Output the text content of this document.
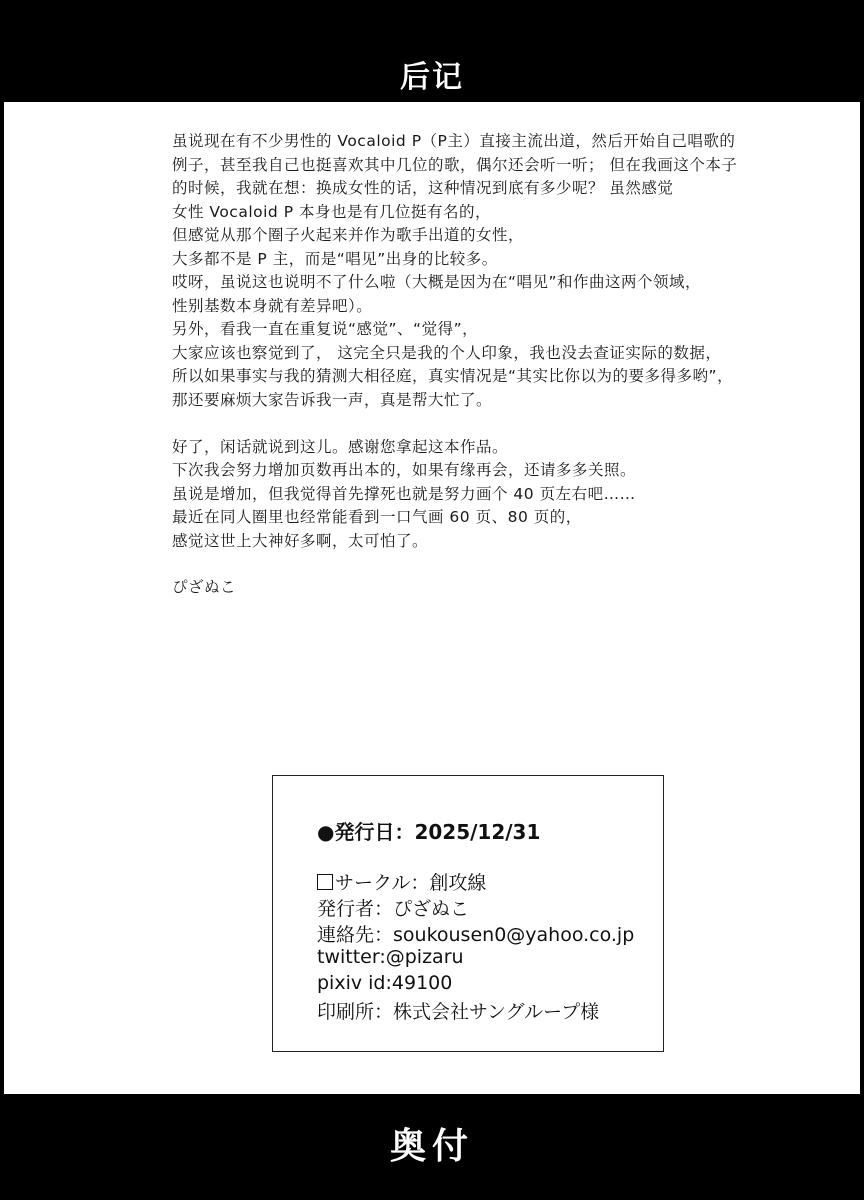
后记

虽说现在有不少男性的 Vocaloid P（P主）直接主流出道，然后开始自己唱歌的

例子，甚至我自己也挺喜欢其中几位的歌，偶尔还会听一听； 但在我画这个本子

的时候，我就在想：换成女性的话，这种情况到底有多少呢？ 虽然感觉

女性 Vocaloid P 本身也是有几位挺有名的，

但感觉从那个圈子火起来并作为歌手出道的女性，

大多都不是 P 主，而是“唱见”出身的比较多。

哎呀，虽说这也说明不了什么啦（大概是因为在“唱见”和作曲这两个领域，

性别基数本身就有差异吧）。

另外，看我一直在重复说“感觉”、“觉得”，

大家应该也察觉到了， 这完全只是我的个人印象，我也没去查证实际的数据，

所以如果事实与我的猜测大相径庭，真实情况是“其实比你以为的要多得多哟”，

那还要麻烦大家告诉我一声，真是帮大忙了。

好了，闲话就说到这儿。感谢您拿起这本作品。

下次我会努力增加页数再出本的，如果有缘再会，还请多多关照。

虽说是增加，但我觉得首先撑死也就是努力画个 40 页左右吧……

最近在同人圈里也经常能看到一口气画 60 页、80 页的，

感觉这世上大神好多啊，太可怕了。

ぴざぬこ

●発行日：2025/12/31
サークル：創攻線
発行者：ぴざぬこ
連絡先：soukousen0@yahoo.co.jp
twitter:@pizaru
pixiv id:49100
印刷所：株式会社サングループ様
奥付
